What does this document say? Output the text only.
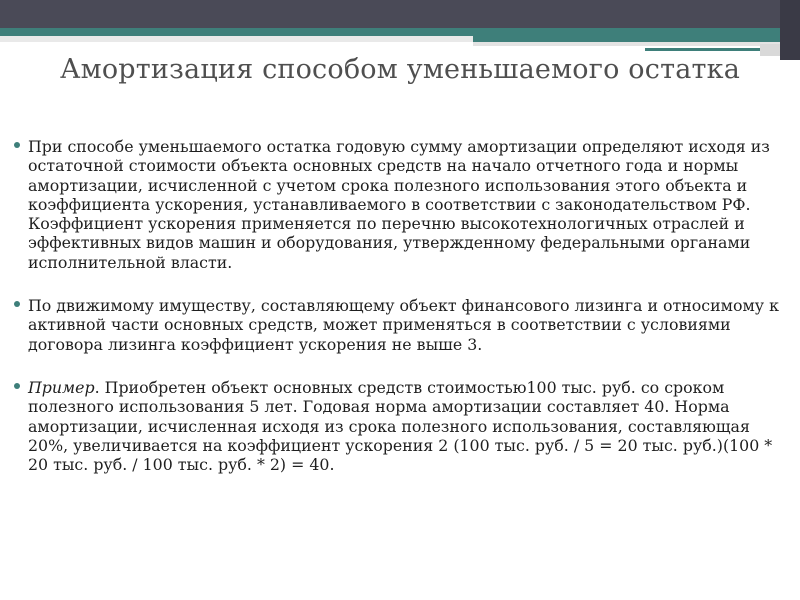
Амортизация способом уменьшаемого остатка
При способе уменьшаемого остатка годовую сумму амортизации определяют исходя из остаточной стоимости объекта основных средств на начало отчетного года и нормы амортизации, исчисленной с учетом срока полезного использования этого объекта и коэффициента ускорения, устанавливаемого в соответствии с законодательством РФ. Коэффициент ускорения применяется по перечню высокотехнологичных отраслей и эффективных видов машин и оборудования, утвержденному федеральными органами исполнительной власти.
По движимому имуществу, составляющему объект финансового лизинга и относимому к активной части основных средств, может применяться в соответствии с условиями договора лизинга коэффициент ускорения не выше 3.
Пример. Приобретен объект основных средств стоимостью100 тыс. руб. со сроком полезного использования 5 лет. Годовая норма амортизации составляет 40. Норма амортизации, исчисленная исходя из срока полезного использования, составляющая 20%, увеличивается на коэффициент ускорения 2 (100 тыс. руб. / 5 = 20 тыс. руб.)(100 * 20 тыс. руб. / 100 тыс. руб. * 2) = 40.
